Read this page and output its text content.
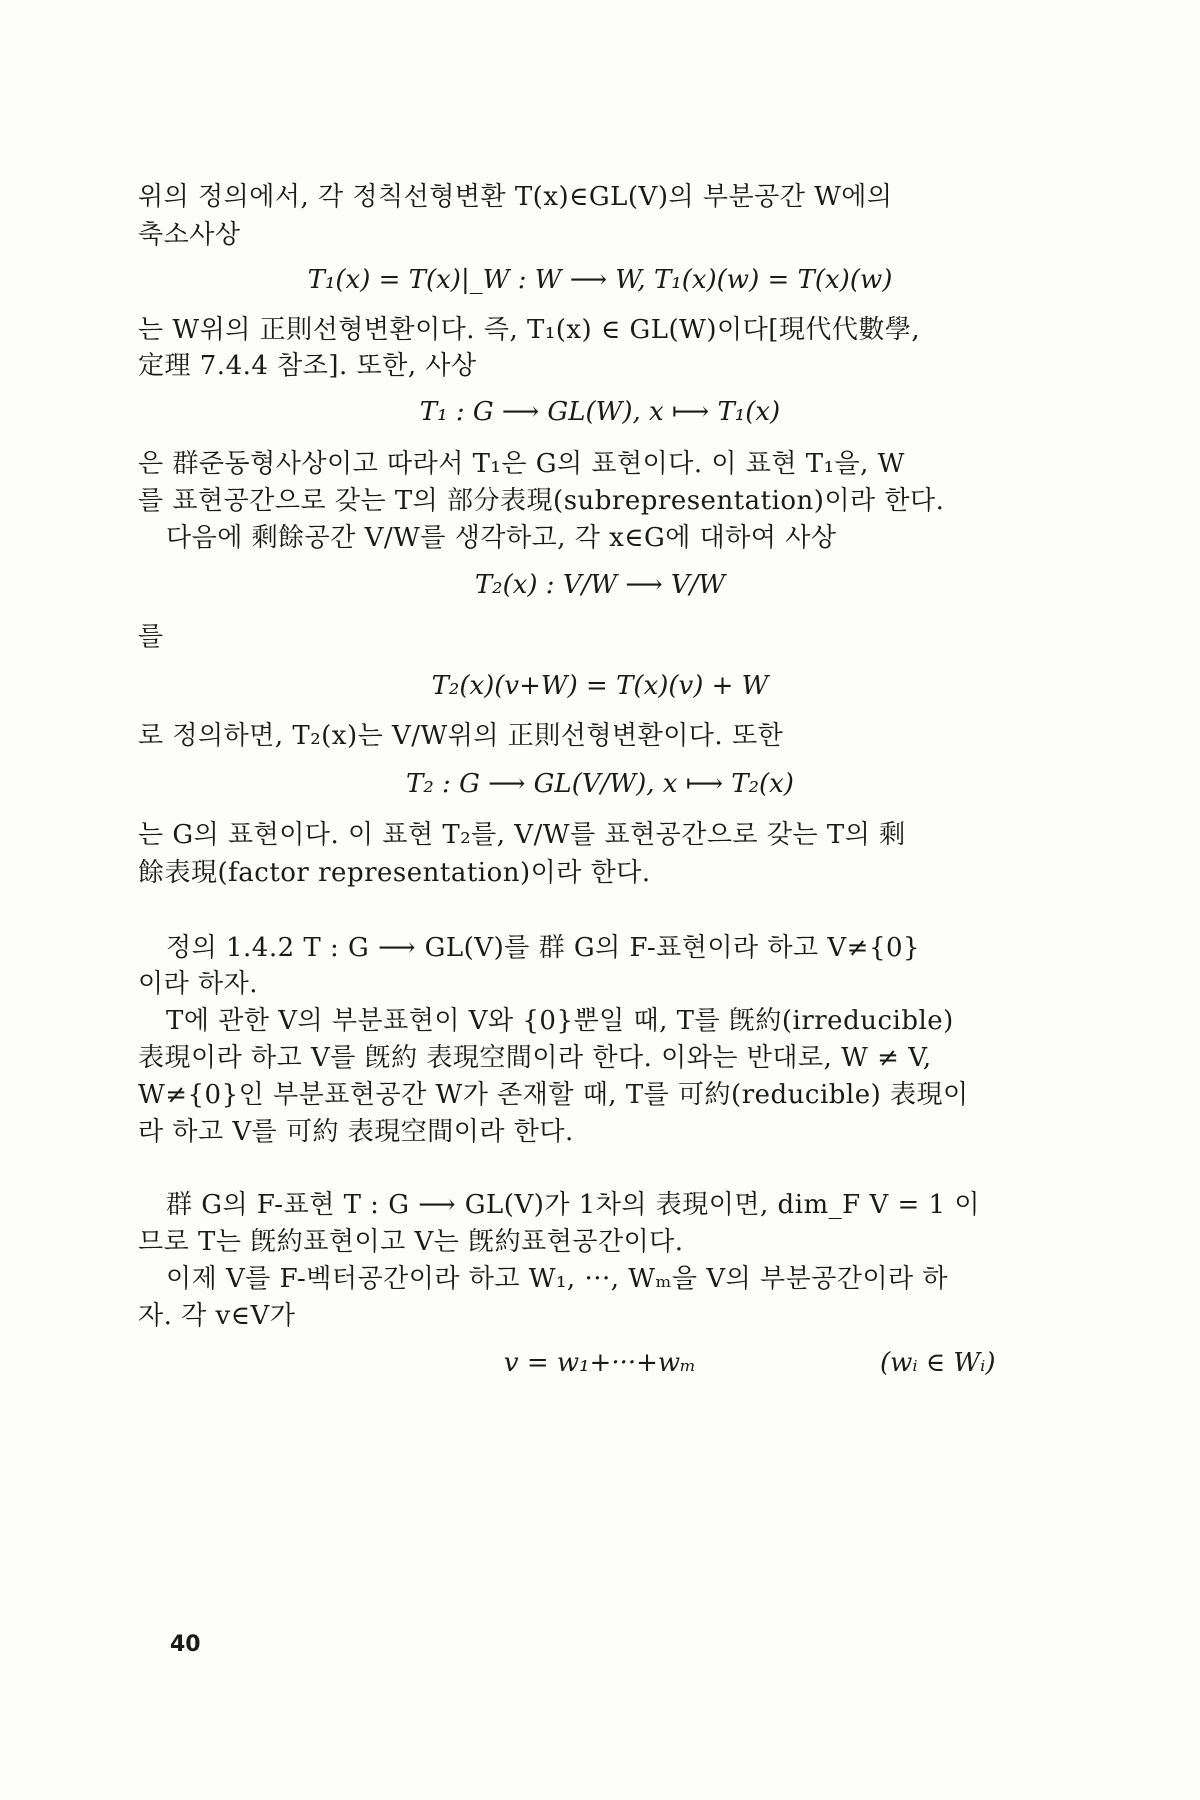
위의 정의에서, 각 정칙선형변환 T(x)∈GL(V)의 부분공간 W에의
축소사상
T₁(x) = T(x)|_W : W ⟶ W, T₁(x)(w) = T(x)(w)
는 W위의 正則선형변환이다. 즉, T₁(x) ∈ GL(W)이다[現代代數學,
定理 7.4.4 참조]. 또한, 사상
T₁ : G ⟶ GL(W), x ⟼ T₁(x)
은 群준동형사상이고 따라서 T₁은 G의 표현이다. 이 표현 T₁을, W
를 표현공간으로 갖는 T의 部分表現(subrepresentation)이라 한다.
다음에 剩餘공간 V/W를 생각하고, 각 x∈G에 대하여 사상
T₂(x) : V/W ⟶ V/W
를
T₂(x)(v+W) = T(x)(v) + W
로 정의하면, T₂(x)는 V/W위의 正則선형변환이다. 또한
T₂ : G ⟶ GL(V/W), x ⟼ T₂(x)
는 G의 표현이다. 이 표현 T₂를, V/W를 표현공간으로 갖는 T의 剩
餘表現(factor representation)이라 한다.
정의 1.4.2 T : G ⟶ GL(V)를 群 G의 F-표현이라 하고 V≠{0}
이라 하자.
T에 관한 V의 부분표현이 V와 {0}뿐일 때, T를 旣約(irreducible)
表現이라 하고 V를 旣約 表現空間이라 한다. 이와는 반대로, W ≠ V,
W≠{0}인 부분표현공간 W가 존재할 때, T를 可約(reducible) 表現이
라 하고 V를 可約 表現空間이라 한다.
群 G의 F-표현 T : G ⟶ GL(V)가 1차의 表現이면, dim_F V = 1 이
므로 T는 旣約표현이고 V는 旣約표현공간이다.
이제 V를 F-벡터공간이라 하고 W₁, ···, Wₘ을 V의 부분공간이라 하
자. 각 v∈V가
v = w₁+···+wₘ	(wᵢ ∈ Wᵢ)
40
